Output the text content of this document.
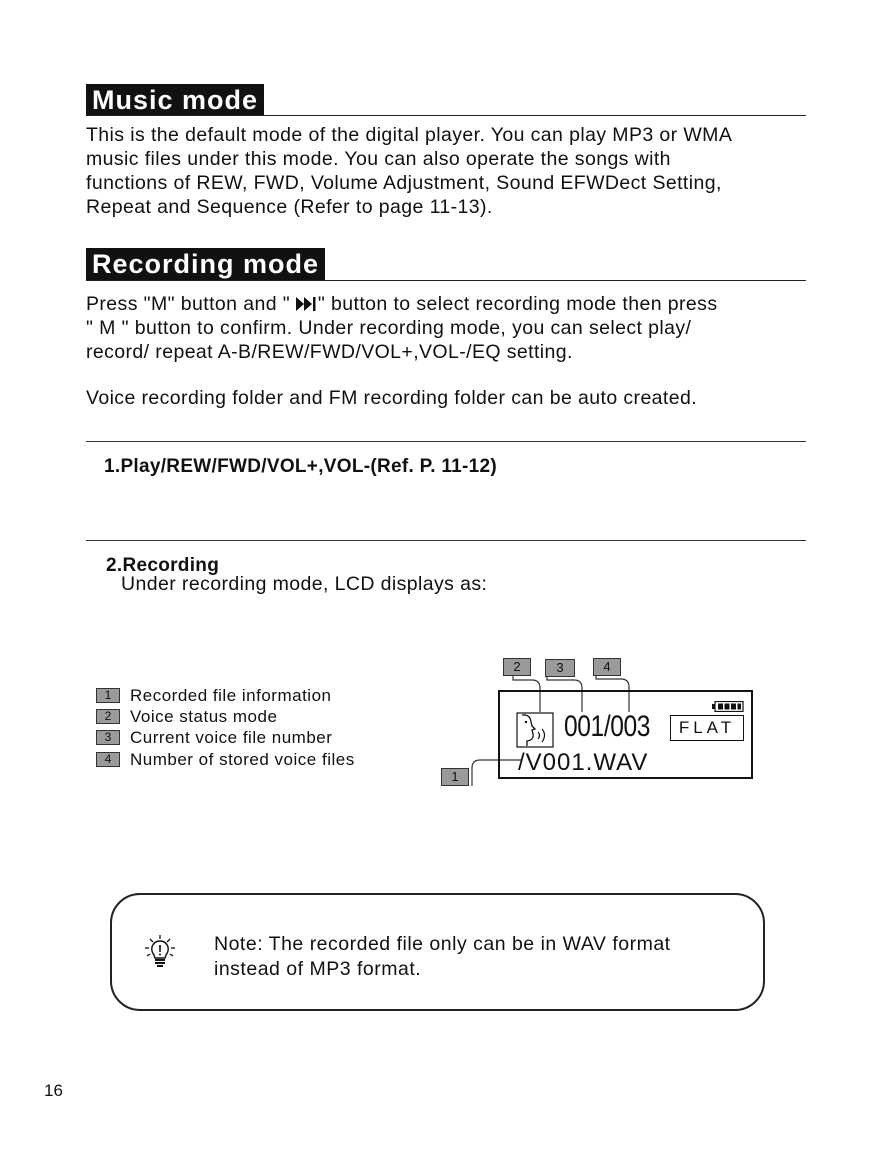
Music mode
This is the default mode of the digital player. You can play MP3 or WMA
music files under this mode. You can also operate the songs with
functions of REW, FWD, Volume Adjustment, Sound EFWDect Setting,
Repeat and Sequence (Refer to page 11-13).
Recording mode
Press "M" button and " " button to select recording mode then press
" M " button to confirm. Under recording mode, you can select play/
record/ repeat A-B/REW/FWD/VOL+,VOL-/EQ setting.
Voice recording folder and FM recording folder can be auto created.
1.Play/REW/FWD/VOL+,VOL-(Ref. P. 11-12)
2.Recording
Under recording mode, LCD displays as:
1	Recorded file information
2	Voice status mode
3	Current voice file number
4	Number of stored voice files
2	3	4
1
001/003	FLAT
/V001.WAV
Note: The recorded file only can be in WAV format
instead of MP3 format.
16
